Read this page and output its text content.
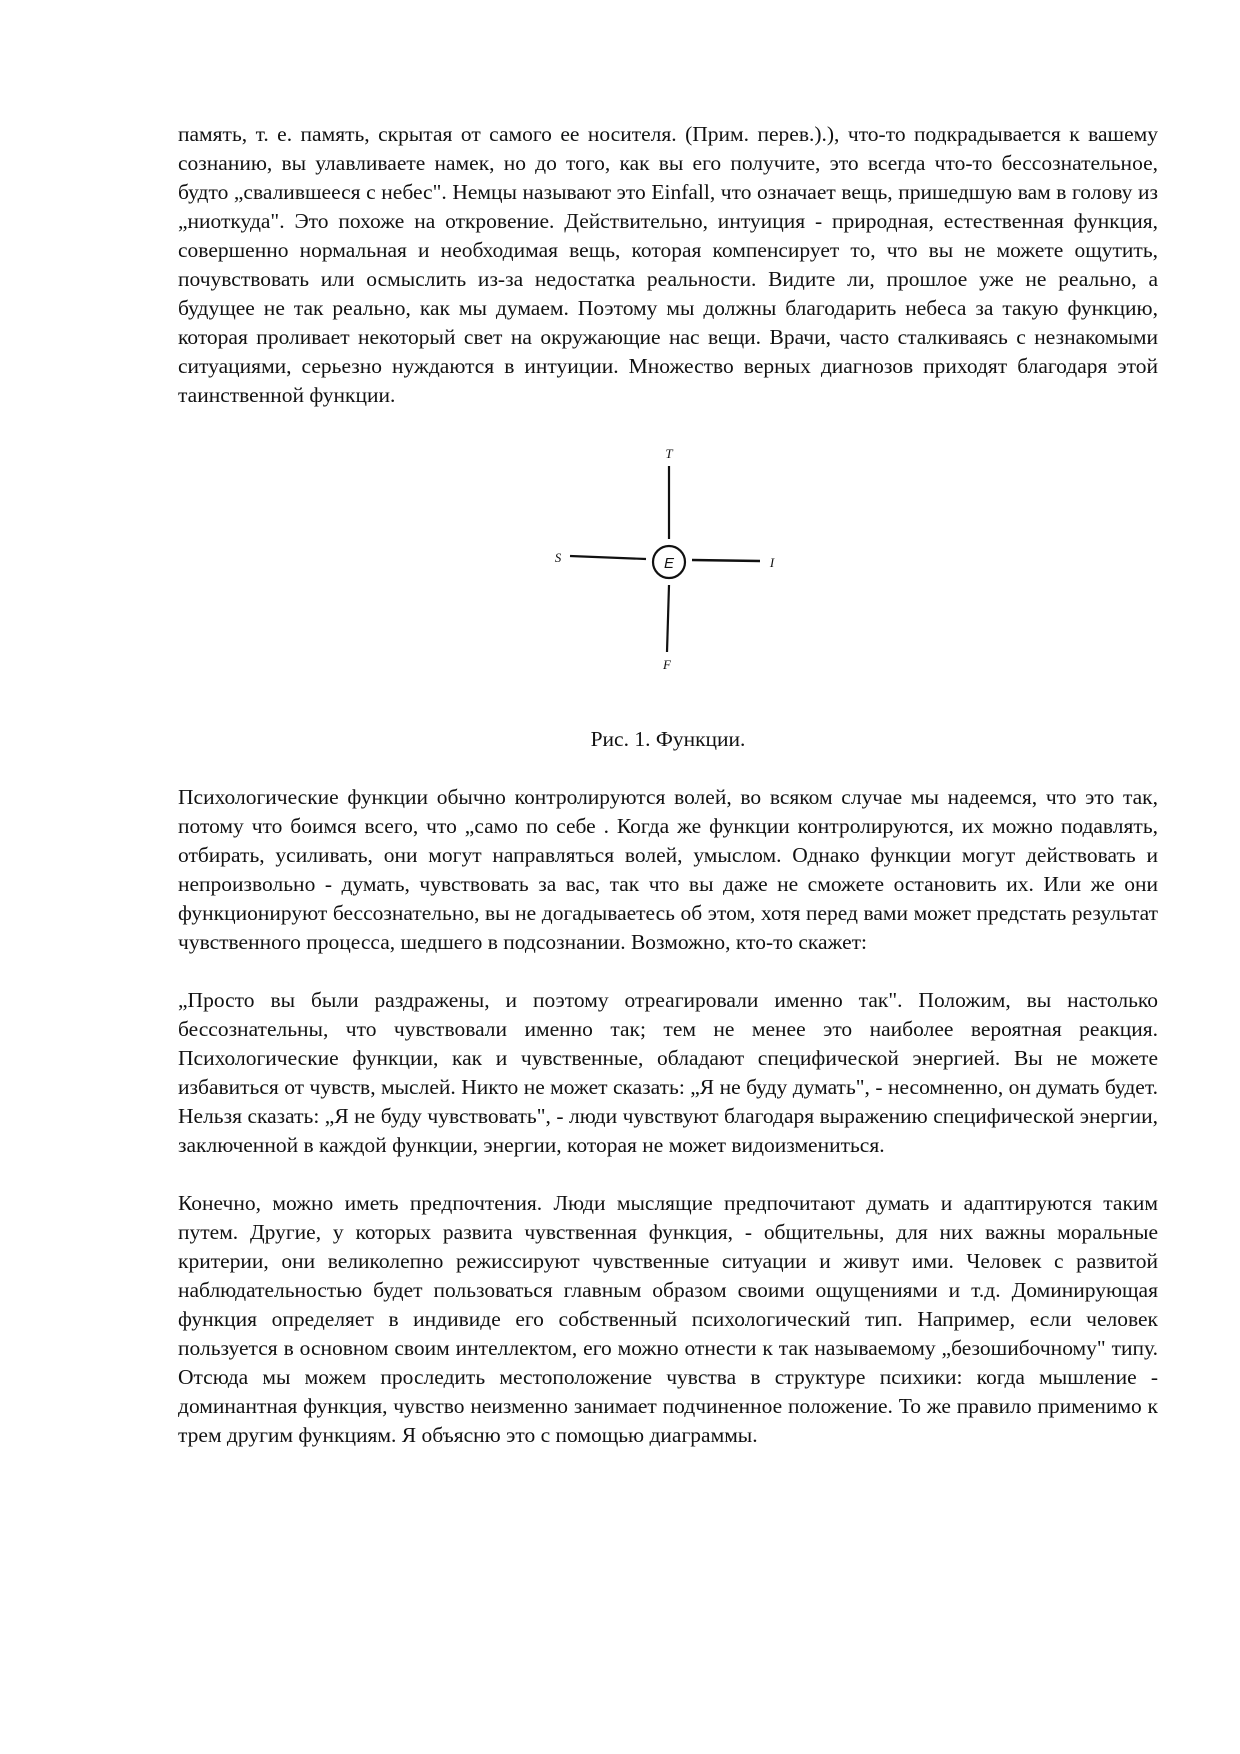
память, т. е. память, скрытая от самого ее носителя. (Прим. перев.).), что-то подкрадывается к вашему сознанию, вы улавливаете намек, но до того, как вы его получите, это всегда что-то бессознательное, будто „свалившееся с небес". Немцы называют это Einfall, что означает вещь, пришедшую вам в голову из „ниоткуда". Это похоже на откровение. Действительно, интуиция - природная, естественная функция, совершенно нормальная и необходимая вещь, которая компенсирует то, что вы не можете ощутить, почувствовать или осмыслить из-за недостатка реальности. Видите ли, прошлое уже не реально, а будущее не так реально, как мы думаем. Поэтому мы должны благодарить небеса за такую функцию, которая проливает некоторый свет на окружающие нас вещи. Врачи, часто сталкиваясь с незнакомыми ситуациями, серьезно нуждаются в интуиции. Множество верных диагнозов приходят благодаря этой таинственной функции.

E
T
S	I
F
Рис. 1. Функции.

Психологические функции обычно контролируются волей, во всяком случае мы надеемся, что это так, потому что боимся всего, что „само по себе . Когда же функции контролируются, их можно подавлять, отбирать, усиливать, они могут направляться волей, умыслом. Однако функции могут действовать и непроизвольно - думать, чувствовать за вас, так что вы даже не сможете остановить их. Или же они функционируют бессознательно, вы не догадываетесь об этом, хотя перед вами может предстать результат чувственного процесса, шедшего в подсознании. Возможно, кто-то скажет:

„Просто вы были раздражены, и поэтому отреагировали именно так". Положим, вы настолько бессознательны, что чувствовали именно так; тем не менее это наиболее вероятная реакция. Психологические функции, как и чувственные, обладают специфической энергией. Вы не можете избавиться от чувств, мыслей. Никто не может сказать: „Я не буду думать", - несомненно, он думать будет. Нельзя сказать: „Я не буду чувствовать", - люди чувствуют благодаря выражению специфической энергии, заключенной в каждой функции, энергии, которая не может видоизмениться.

Конечно, можно иметь предпочтения. Люди мыслящие предпочитают думать и адаптируются таким путем. Другие, у которых развита чувственная функция, - общительны, для них важны моральные критерии, они великолепно режиссируют чувственные ситуации и живут ими. Человек с развитой наблюдательностью будет пользоваться главным образом своими ощущениями и т.д. Доминирующая функция определяет в индивиде его собственный психологический тип. Например, если человек пользуется в основном своим интеллектом, его можно отнести к так называемому „безошибочному" типу. Отсюда мы можем проследить местоположение чувства в структуре психики: когда мышление - доминантная функция, чувство неизменно занимает подчиненное положение. То же правило применимо к трем другим функциям. Я объясню это с помощью диаграммы.
